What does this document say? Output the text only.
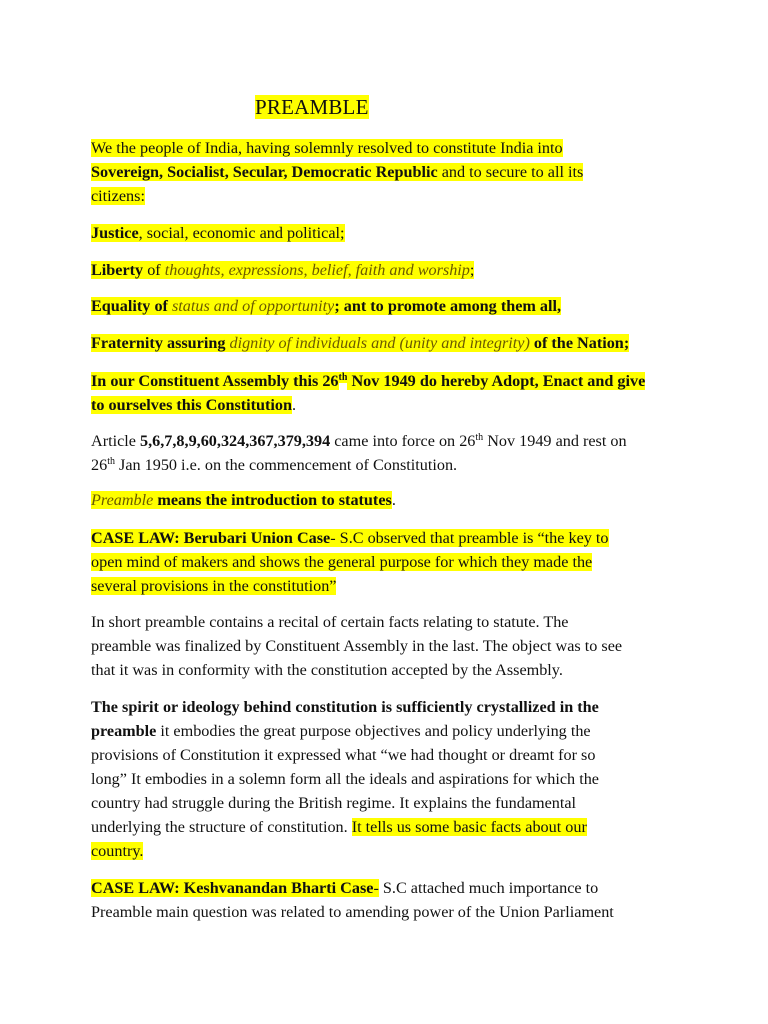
PREAMBLE
We the people of India, having solemnly resolved to constitute India into
Sovereign, Socialist, Secular, Democratic Republic and to secure to all its
citizens:
Justice, social, economic and political;
Liberty of thoughts, expressions, belief, faith and worship;
Equality of status and of opportunity; ant to promote among them all,
Fraternity assuring dignity of individuals and (unity and integrity) of the Nation;
In our Constituent Assembly this 26th Nov 1949 do hereby Adopt, Enact and give
to ourselves this Constitution.
Article 5,6,7,8,9,60,324,367,379,394 came into force on 26th Nov 1949 and rest on
26th Jan 1950 i.e. on the commencement of Constitution.
Preamble means the introduction to statutes.
CASE LAW: Berubari Union Case- S.C observed that preamble is “the key to
open mind of makers and shows the general purpose for which they made the
several provisions in the constitution”
In short preamble contains a recital of certain facts relating to statute. The
preamble was finalized by Constituent Assembly in the last. The object was to see
that it was in conformity with the constitution accepted by the Assembly.
The spirit or ideology behind constitution is sufficiently crystallized in the
preamble it embodies the great purpose objectives and policy underlying the
provisions of Constitution it expressed what “we had thought or dreamt for so
long” It embodies in a solemn form all the ideals and aspirations for which the
country had struggle during the British regime. It explains the fundamental
underlying the structure of constitution. It tells us some basic facts about our
country.
CASE LAW: Keshvanandan Bharti Case- S.C attached much importance to
Preamble main question was related to amending power of the Union Parliament
